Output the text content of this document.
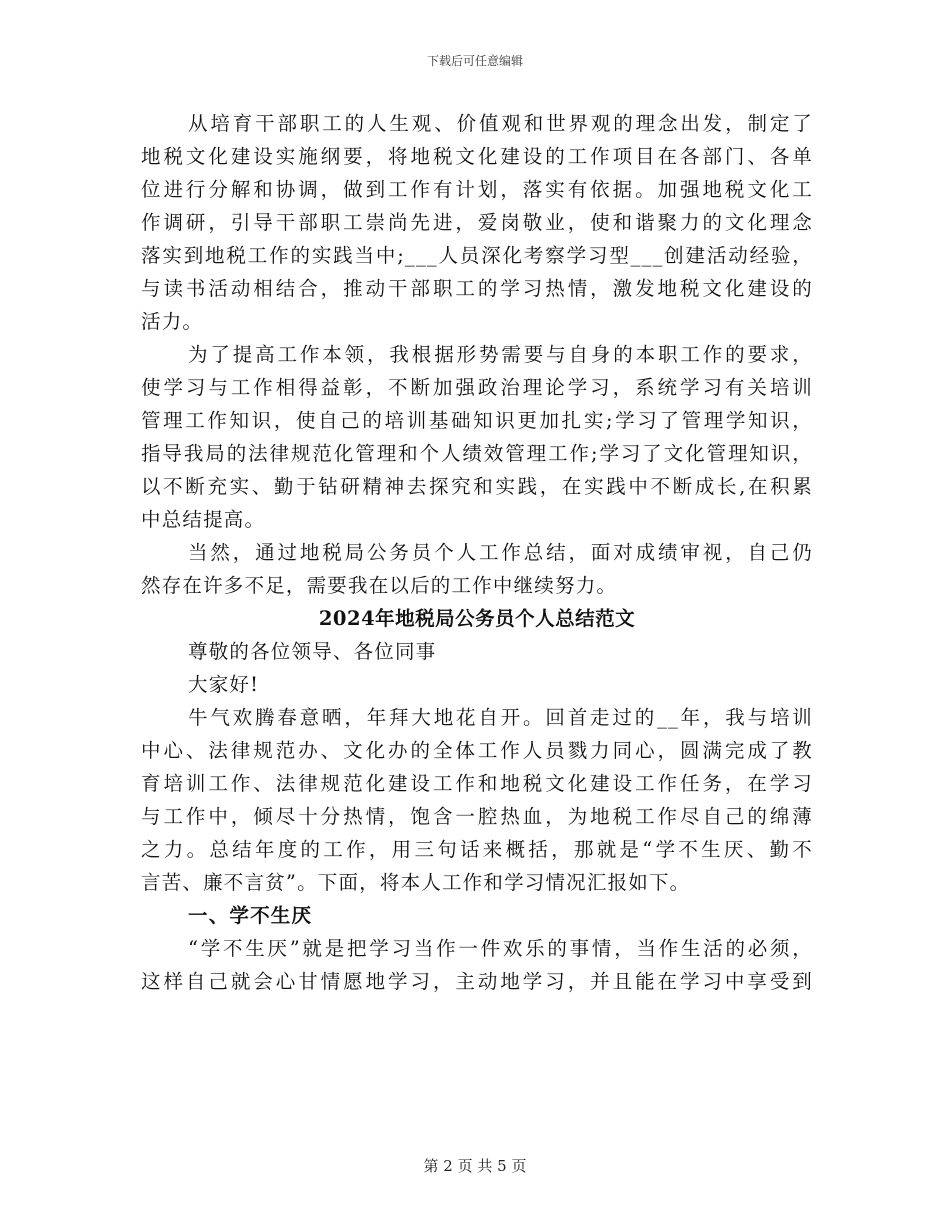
下载后可任意编辑
从培育干部职工的人生观、价值观和世界观的理念出发，制定了
地税文化建设实施纲要，将地税文化建设的工作项目在各部门、各单
位进行分解和协调，做到工作有计划，落实有依据。加强地税文化工
作调研，引导干部职工崇尚先进，爱岗敬业，使和谐聚力的文化理念
落实到地税工作的实践当中;___人员深化考察学习型___创建活动经验，
与读书活动相结合，推动干部职工的学习热情，激发地税文化建设的
活力。
为了提高工作本领，我根据形势需要与自身的本职工作的要求，
使学习与工作相得益彰，不断加强政治理论学习，系统学习有关培训
管理工作知识，使自己的培训基础知识更加扎实;学习了管理学知识，
指导我局的法律规范化管理和个人绩效管理工作;学习了文化管理知识，
以不断充实、勤于钻研精神去探究和实践，在实践中不断成长,在积累
中总结提高。
当然，通过地税局公务员个人工作总结，面对成绩审视，自己仍
然存在许多不足，需要我在以后的工作中继续努力。
2024年地税局公务员个人总结范文
尊敬的各位领导、各位同事
大家好!
牛气欢腾春意晒，年拜大地花自开。回首走过的__年，我与培训
中心、法律规范办、文化办的全体工作人员戮力同心，圆满完成了教
育培训工作、法律规范化建设工作和地税文化建设工作任务，在学习
与工作中，倾尽十分热情，饱含一腔热血，为地税工作尽自己的绵薄
之力。总结年度的工作，用三句话来概括，那就是“学不生厌、勤不
言苦、廉不言贫”。下面，将本人工作和学习情况汇报如下。
一、学不生厌
“学不生厌”就是把学习当作一件欢乐的事情，当作生活的必须，
这样自己就会心甘情愿地学习，主动地学习，并且能在学习中享受到
第 2 页 共 5 页
